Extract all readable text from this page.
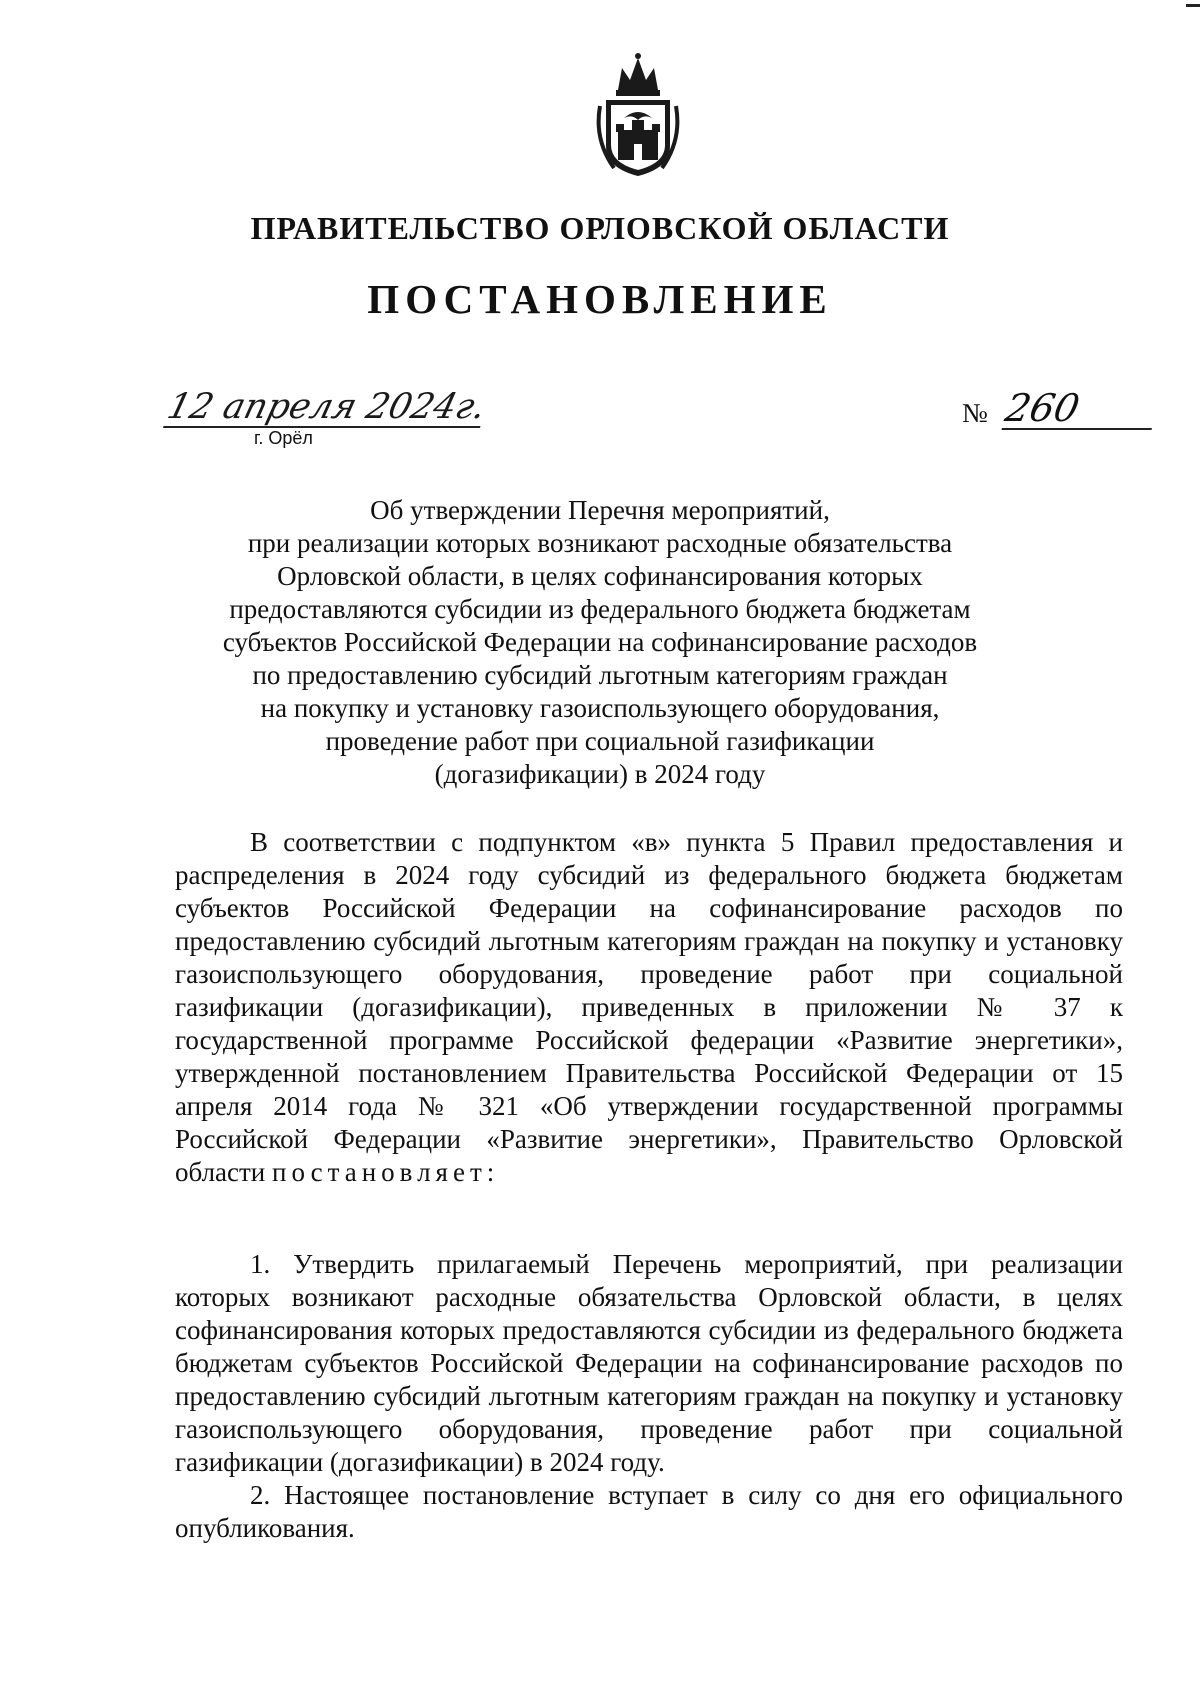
ПРАВИТЕЛЬСТВО ОРЛОВСКОЙ ОБЛАСТИ
ПОСТАНОВЛЕНИЕ
12 апреля 2024г.
г. Орёл
№ 260
Об утверждении Перечня мероприятий,
при реализации которых возникают расходные обязательства
Орловской области, в целях софинансирования которых
предоставляются субсидии из федерального бюджета бюджетам
субъектов Российской Федерации на софинансирование расходов
по предоставлению субсидий льготным категориям граждан
на покупку и установку газоиспользующего оборудования,
проведение работ при социальной газификации
(догазификации) в 2024 году

В соответствии с подпунктом «в» пункта 5 Правил предоставления и распределения в 2024 году субсидий из федерального бюджета бюджетам субъектов Российской Федерации на софинансирование расходов по предоставлению субсидий льготным категориям граждан на покупку и установку газоиспользующего оборудования, проведение работ при социальной газификации (догазификации), приведенных в приложении № 37 к государственной программе Российской федерации «Развитие энергетики», утвержденной постановлением Правительства Российской Федерации от 15 апреля 2014 года № 321 «Об утверждении государственной программы Российской Федерации «Развитие энергетики», Правительство Орловской области постановляет:

1. Утвердить прилагаемый Перечень мероприятий, при реализации которых возникают расходные обязательства Орловской области, в целях софинансирования которых предоставляются субсидии из федерального бюджета бюджетам субъектов Российской Федерации на софинансирование расходов по предоставлению субсидий льготным категориям граждан на покупку и установку газоиспользующего оборудования, проведение работ при социальной газификации (догазификации) в 2024 году.

2. Настоящее постановление вступает в силу со дня его официального опубликования.
